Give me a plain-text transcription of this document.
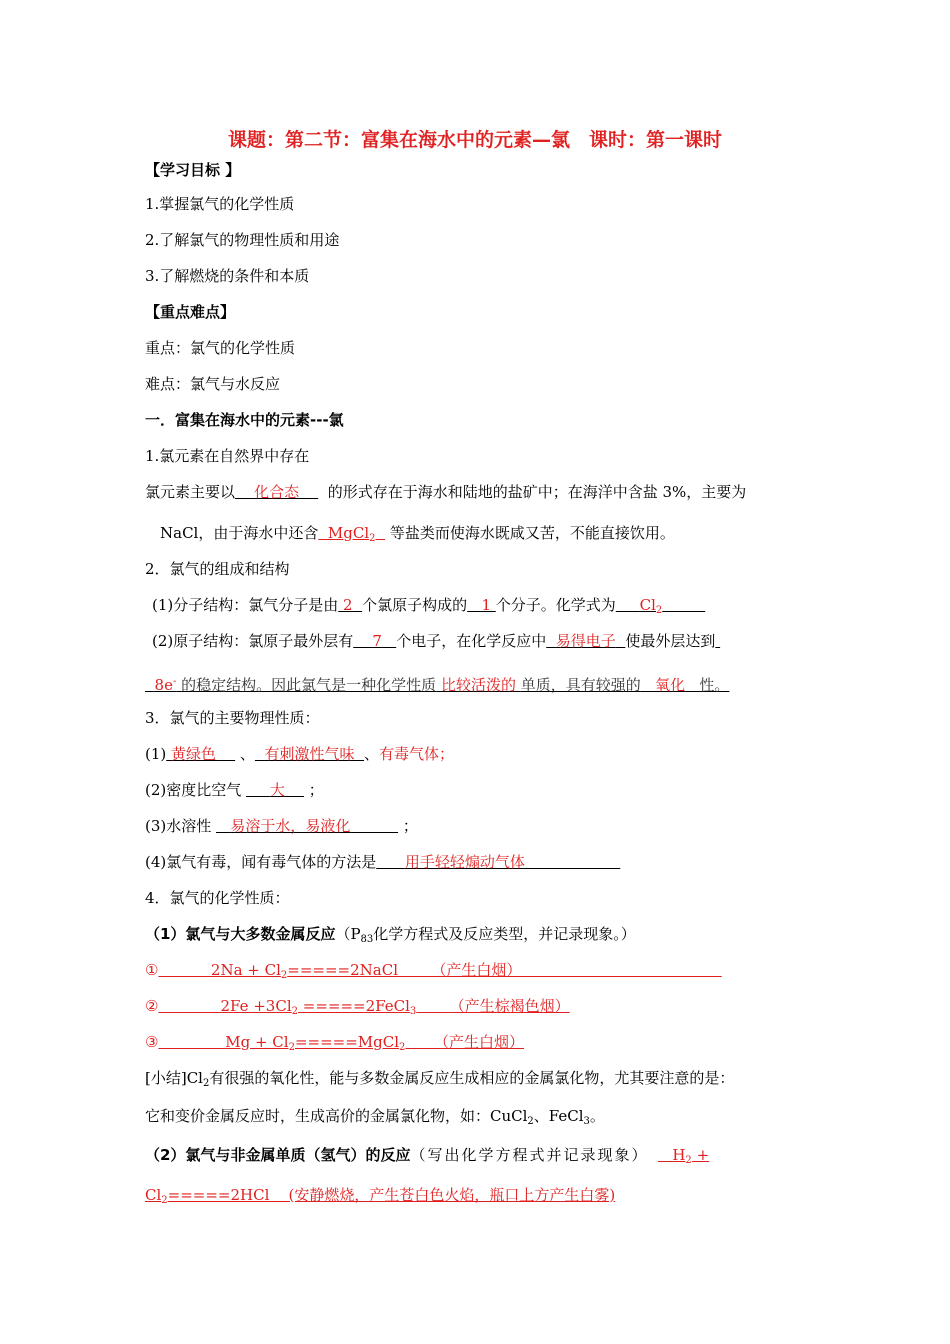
课题：第二节：富集在海水中的元素—氯　课时：第一课时
【学习目标 】
1.掌握氯气的化学性质
2.了解氯气的物理性质和用途
3.了解燃烧的条件和本质
【重点难点】
重点：氯气的化学性质
难点：氯气与水反应
一．富集在海水中的元素---氯
1.氯元素在自然界中存在
氯元素主要以 化合态 的形式存在于海水和陆地的盐矿中；在海洋中含盐 3%，主要为
NaCl，由于海水中还含 MgCl$_2$ 等盐类而使海水既咸又苦，不能直接饮用。
2．氯气的组成和结构
(1)分子结构：氯气分子是由 2 个氯原子构成的 1 个分子。化学式为 $Cl_2$
(2)原子结构：氯原子最外层有 7 个电子，在化学反应中 易得电子 使最外层达到
8e- 的稳定结构。因此氯气是一种化学性质 比较活泼的 单质，具有较强的 氧化 性。
3．氯气的主要物理性质：
(1) 黄绿色 、 有刺激性气味 、有毒气体；
(2)密度比空气 大 ；
(3)水溶性 易溶于水，易液化	；
(4)氯气有毒，闻有毒气体的方法是 用手轻轻煽动气体
4．氯气的化学性质：
（1）氯气与大多数金属反应（$P_{83}$化学方程式及反应类型，并记录现象。）
①	$2Na + Cl_2=====2NaCl$ （产生白烟）
②	$2Fe +3Cl_2$ =====2FeCl$_3$ （产生棕褐色烟）
③	$Mg + Cl_2=====MgCl_2$ （产生白烟）
[小结]$Cl_2$有很强的氧化性，能与多数金属反应生成相应的金属氯化物，尤其要注意的是：
它和变价金属反应时，生成高价的金属氯化物，如：CuCl$_2$、FeCl$_3$。
（2）氯气与非金属单质（氢气）的反应（写出化学方程式并记录现象） $H_2$ +
$Cl_2=====2HCl$ (安静燃烧，产生苍白色火焰，瓶口上方产生白雾)
